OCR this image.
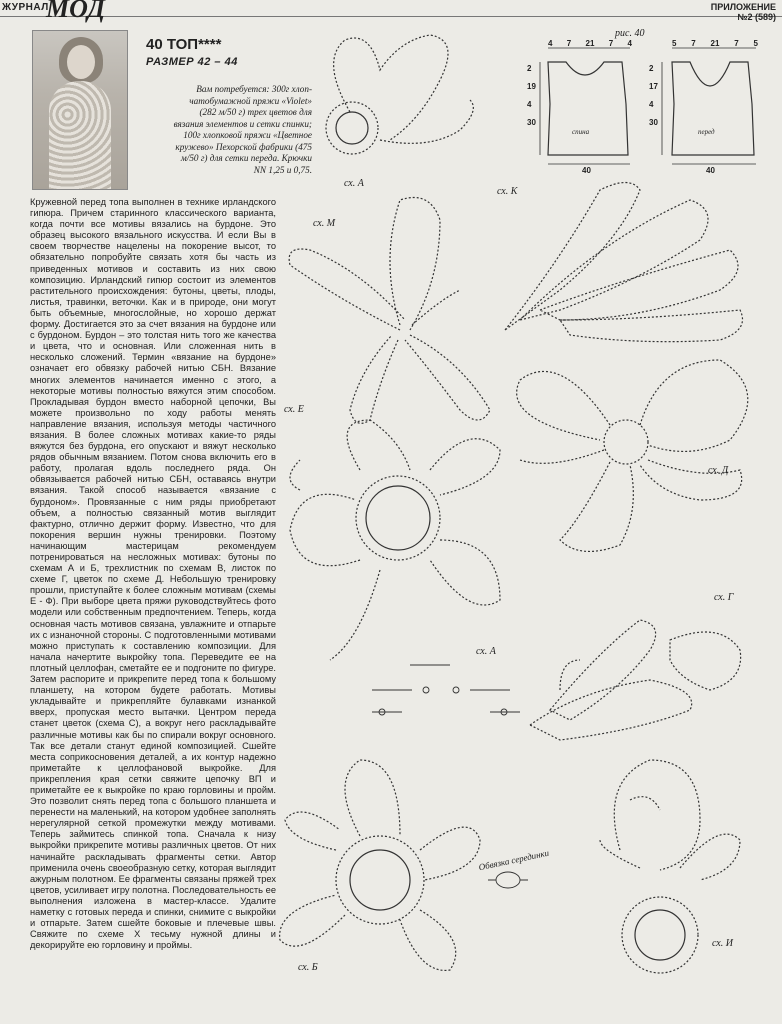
ЖУРНАЛ
МОД	ПРИЛОЖЕНИЕ
№2 (589)
40 ТОП****
РАЗМЕР 42 – 44
Вам потребуется: 300г хлоп-чатобумажной пряжи «Violet» (282 м/50 г) трех цветов для вязания элементов и сетки спинки; 100г хлопковой пряжи «Цветное кружево» Пехорской фабрики (475 м/50 г) для сетки переда. Крючки NN 1,25 и 0,75.
Кружевной перед топа выполнен в технике ирландского гипюра. Причем старинного классического варианта, когда почти все мотивы вязались на бурдоне. Это образец высокого вязального искусства. И если Вы в своем творчестве нацелены на покорение высот, то обязательно попробуйте связать хотя бы часть из приведенных мотивов и составить из них свою композицию. Ирландский гипюр состоит из элементов растительного происхождения: бутоны, цветы, плоды, листья, травинки, веточки. Как и в природе, они могут быть объемные, многослойные, но хорошо держат форму. Достигается это за счет вязания на бурдоне или с бурдоном. Бурдон – это толстая нить того же качества и цвета, что и основная. Или сложенная нить в несколько сложений. Термин «вязание на бурдоне» означает его обвязку рабочей нитью СБН. Вязание многих элементов начинается именно с этого, а некоторые мотивы полностью вяжутся этим способом. Прокладывая бурдон вместо наборной цепочки, Вы можете произвольно по ходу работы менять направление вязания, используя методы частичного вязания. В более сложных мотивах какие-то ряды вяжутся без бурдона, его опускают и вяжут несколько рядов обычным вязанием. Потом снова включить его в работу, пролагая вдоль последнего ряда. Он обвязывается рабочей нитью СБН, оставаясь внутри вязания. Такой способ называется «вязание с бурдоном». Провязанные с ним ряды приобретают объем, а полностью связанный мотив выглядит фактурно, отлично держит форму. Известно, что для покорения вершин нужны тренировки. Поэтому начинающим мастерицам рекомендуем потренироваться на несложных мотивах: бутоны по схемам А и Б, трехлистник по схемам В, листок по схеме Г, цветок по схеме Д. Небольшую тренировку прошли, приступайте к более сложным мотивам (схемы Е - Ф). При выборе цвета пряжи руководствуйтесь фото модели или собственным предпочтением. Теперь, когда основная часть мотивов связана, увлажните и отпарьте их с изнаночной стороны. С подготовленными мотивами можно приступать к составлению композиции. Для начала начертите выкройку топа. Переведите ее на плотный целлофан, сметайте ее и подгоните по фигуре. Затем распорите и прикрепите перед топа к большому планшету, на котором будете работать. Мотивы укладывайте и прикрепляйте булавками изнанкой вверх, пропуская место вытачки. Центром переда станет цветок (схема С), а вокруг него раскладывайте различные мотивы как бы по спирали вокруг основного. Так все детали станут единой композицией. Сшейте места соприкосновения деталей, а их контур надежно приметайте к целлофановой выкройке. Для прикрепления края сетки свяжите цепочку ВП и приметайте ее к выкройке по краю горловины и пройм. Это позволит снять перед топа с большого планшета и перенести на маленький, на котором удобнее заполнять нерегулярной сеткой промежутки между мотивами. Теперь займитесь спинкой топа. Сначала к низу выкройки прикрепите мотивы различных цветов. От них начинайте раскладывать фрагменты сетки. Автор применила очень своеобразную сетку, которая выглядит ажурным полотном. Ее фрагменты связаны пряжей трех цветов, усиливает игру полотна. Последовательность ее выполнения изложена в мастер-классе. Удалите наметку с готовых переда и спинки, снимите с выкройки и отпарьте. Затем сшейте боковые и плечевые швы. Свяжите по схеме Х тесьму нужной длины и декорируйте ею горловину и проймы.
рис. 40
спина	перед
4 7 21 7 4	5 7 21 7 5
2
19
4
30
2
17
4
30
40	40
сх. А
сх. К
сх. М
сх. Е
сх. Д
сх. Г
сх. А
Обвязка серединки
сх. Б
сх. И
